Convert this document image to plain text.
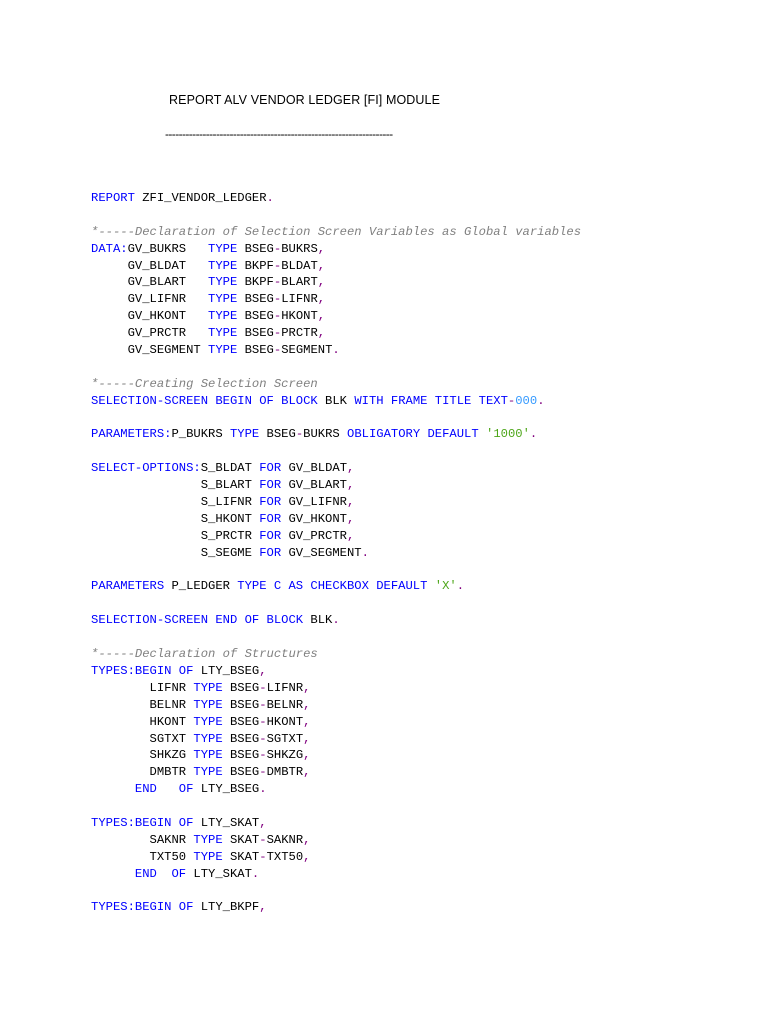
REPORT ALV VENDOR LEDGER [FI] MODULE
-------------------------------------------------------------------
REPORT ZFI_VENDOR_LEDGER.

*-----Declaration of Selection Screen Variables as Global variables
DATA:GV_BUKRS   TYPE BSEG-BUKRS,
GV_BLDAT   TYPE BKPF-BLDAT,
GV_BLART   TYPE BKPF-BLART,
GV_LIFNR   TYPE BSEG-LIFNR,
GV_HKONT   TYPE BSEG-HKONT,
GV_PRCTR   TYPE BSEG-PRCTR,
GV_SEGMENT TYPE BSEG-SEGMENT.

*-----Creating Selection Screen
SELECTION-SCREEN BEGIN OF BLOCK BLK WITH FRAME TITLE TEXT-000.

PARAMETERS:P_BUKRS TYPE BSEG-BUKRS OBLIGATORY DEFAULT '1000'.

SELECT-OPTIONS:S_BLDAT FOR GV_BLDAT,
S_BLART FOR GV_BLART,
S_LIFNR FOR GV_LIFNR,
S_HKONT FOR GV_HKONT,
S_PRCTR FOR GV_PRCTR,
S_SEGME FOR GV_SEGMENT.

PARAMETERS P_LEDGER TYPE C AS CHECKBOX DEFAULT 'X'.

SELECTION-SCREEN END OF BLOCK BLK.

*-----Declaration of Structures
TYPES:BEGIN OF LTY_BSEG,
LIFNR TYPE BSEG-LIFNR,
BELNR TYPE BSEG-BELNR,
HKONT TYPE BSEG-HKONT,
SGTXT TYPE BSEG-SGTXT,
SHKZG TYPE BSEG-SHKZG,
DMBTR TYPE BSEG-DMBTR,
END   OF LTY_BSEG.

TYPES:BEGIN OF LTY_SKAT,
SAKNR TYPE SKAT-SAKNR,
TXT50 TYPE SKAT-TXT50,
END  OF LTY_SKAT.

TYPES:BEGIN OF LTY_BKPF,
